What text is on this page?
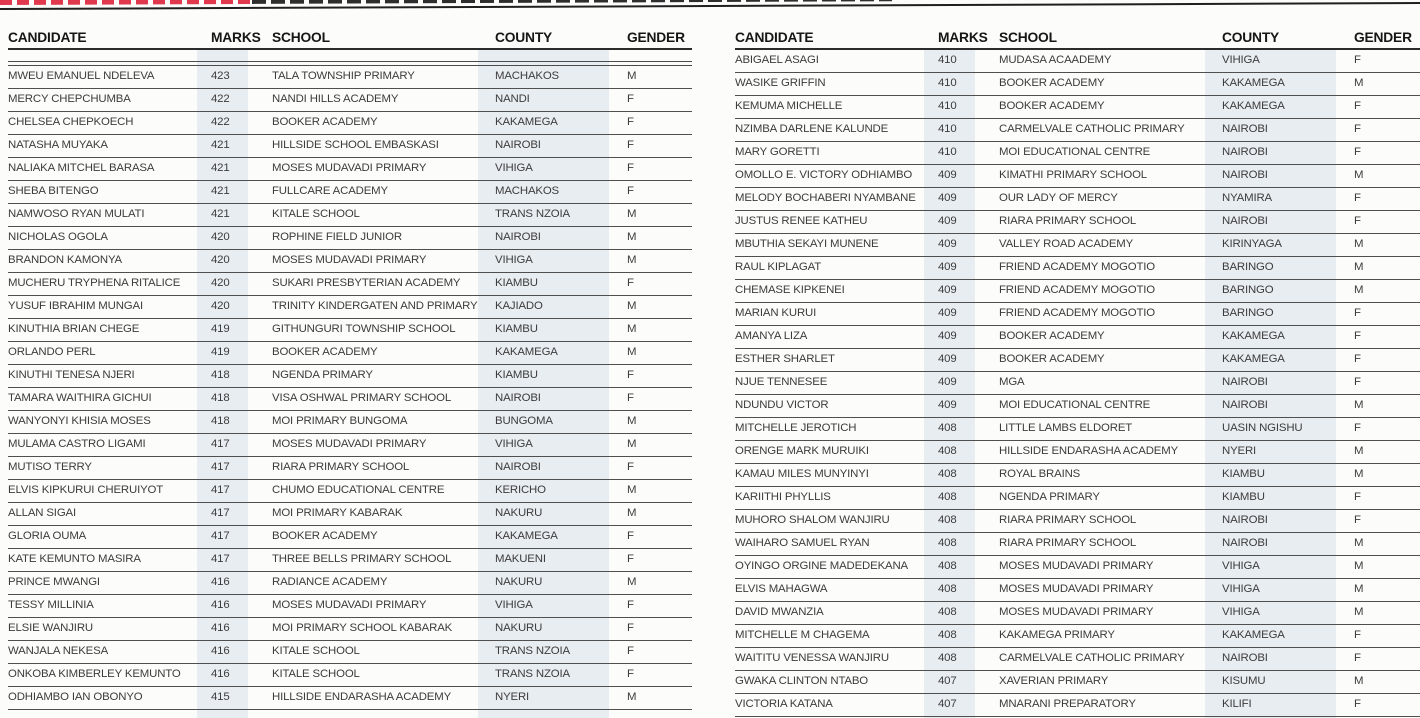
CANDIDATE	MARKS SCHOOL	COUNTY	GENDER
MWEU EMANUEL NDELEVA	423	TALA TOWNSHIP PRIMARY	MACHAKOS	M
MERCY CHEPCHUMBA	422	NANDI HILLS ACADEMY	NANDI	F
CHELSEA CHEPKOECH	422	BOOKER ACADEMY	KAKAMEGA	F
NATASHA MUYAKA	421	HILLSIDE SCHOOL EMBASKASI	NAIROBI	F
NALIAKA MITCHEL BARASA	421	MOSES MUDAVADI PRIMARY	VIHIGA	F
SHEBA BITENGO	421	FULLCARE ACADEMY	MACHAKOS	F
NAMWOSO RYAN MULATI	421	KITALE SCHOOL	TRANS NZOIA	M
NICHOLAS OGOLA	420	ROPHINE FIELD JUNIOR	NAIROBI	M
BRANDON KAMONYA	420	MOSES MUDAVADI PRIMARY	VIHIGA	M
MUCHERU TRYPHENA RITALICE	420	SUKARI PRESBYTERIAN ACADEMY	KIAMBU	F
YUSUF IBRAHIM MUNGAI	420	TRINITY KINDERGATEN AND PRIMARY	KAJIADO	M
KINUTHIA BRIAN CHEGE	419	GITHUNGURI TOWNSHIP SCHOOL	KIAMBU	M
ORLANDO PERL	419	BOOKER ACADEMY	KAKAMEGA	M
KINUTHI TENESA NJERI	418	NGENDA PRIMARY	KIAMBU	F
TAMARA WAITHIRA GICHUI	418	VISA OSHWAL PRIMARY SCHOOL	NAIROBI	F
WANYONYI KHISIA MOSES	418	MOI PRIMARY BUNGOMA	BUNGOMA	M
MULAMA CASTRO LIGAMI	417	MOSES MUDAVADI PRIMARY	VIHIGA	M
MUTISO TERRY	417	RIARA PRIMARY SCHOOL	NAIROBI	F
ELVIS KIPKURUI CHERUIYOT	417	CHUMO EDUCATIONAL CENTRE	KERICHO	M
ALLAN SIGAI	417	MOI PRIMARY KABARAK	NAKURU	M
GLORIA OUMA	417	BOOKER ACADEMY	KAKAMEGA	F
KATE KEMUNTO MASIRA	417	THREE BELLS PRIMARY SCHOOL	MAKUENI	F
PRINCE MWANGI	416	RADIANCE ACADEMY	NAKURU	M
TESSY MILLINIA	416	MOSES MUDAVADI PRIMARY	VIHIGA	F
ELSIE WANJIRU	416	MOI PRIMARY SCHOOL KABARAK	NAKURU	F
WANJALA NEKESA	416	KITALE SCHOOL	TRANS NZOIA	F
ONKOBA KIMBERLEY KEMUNTO	416	KITALE SCHOOL	TRANS NZOIA	F
ODHIAMBO IAN OBONYO	415	HILLSIDE ENDARASHA ACADEMY	NYERI	M
CANDIDATE	MARKS SCHOOL	COUNTY	GENDER
ABIGAEL ASAGI	410	MUDASA ACAADEMY	VIHIGA	F
WASIKE GRIFFIN	410	BOOKER ACADEMY	KAKAMEGA	M
KEMUMA MICHELLE	410	BOOKER ACADEMY	KAKAMEGA	F
NZIMBA DARLENE KALUNDE	410	CARMELVALE CATHOLIC PRIMARY	NAIROBI	F
MARY GORETTI	410	MOI EDUCATIONAL CENTRE	NAIROBI	F
OMOLLO E. VICTORY ODHIAMBO	409	KIMATHI PRIMARY SCHOOL	NAIROBI	M
MELODY BOCHABERI NYAMBANE	409	OUR LADY OF MERCY	NYAMIRA	F
JUSTUS RENEE KATHEU	409	RIARA PRIMARY SCHOOL	NAIROBI	F
MBUTHIA SEKAYI MUNENE	409	VALLEY ROAD ACADEMY	KIRINYAGA	M
RAUL KIPLAGAT	409	FRIEND ACADEMY MOGOTIO	BARINGO	M
CHEMASE KIPKENEI	409	FRIEND ACADEMY MOGOTIO	BARINGO	M
MARIAN KURUI	409	FRIEND ACADEMY MOGOTIO	BARINGO	F
AMANYA LIZA	409	BOOKER ACADEMY	KAKAMEGA	F
ESTHER SHARLET	409	BOOKER ACADEMY	KAKAMEGA	F
NJUE TENNESEE	409	MGA	NAIROBI	F
NDUNDU VICTOR	409	MOI EDUCATIONAL CENTRE	NAIROBI	M
MITCHELLE JEROTICH	408	LITTLE LAMBS ELDORET	UASIN NGISHU	F
ORENGE MARK MURUIKI	408	HILLSIDE ENDARASHA ACADEMY	NYERI	M
KAMAU MILES MUNYINYI	408	ROYAL BRAINS	KIAMBU	M
KARIITHI PHYLLIS	408	NGENDA PRIMARY	KIAMBU	F
MUHORO SHALOM WANJIRU	408	RIARA PRIMARY SCHOOL	NAIROBI	F
WAIHARO SAMUEL RYAN	408	RIARA PRIMARY SCHOOL	NAIROBI	M
OYINGO ORGINE MADEDEKANA	408	MOSES MUDAVADI PRIMARY	VIHIGA	M
ELVIS MAHAGWA	408	MOSES MUDAVADI PRIMARY	VIHIGA	M
DAVID MWANZIA	408	MOSES MUDAVADI PRIMARY	VIHIGA	M
MITCHELLE M CHAGEMA	408	KAKAMEGA PRIMARY	KAKAMEGA	F
WAITITU VENESSA WANJIRU	408	CARMELVALE CATHOLIC PRIMARY	NAIROBI	F
GWAKA CLINTON NTABO	407	XAVERIAN PRIMARY	KISUMU	M
VICTORIA KATANA	407	MNARANI PREPARATORY	KILIFI	F
